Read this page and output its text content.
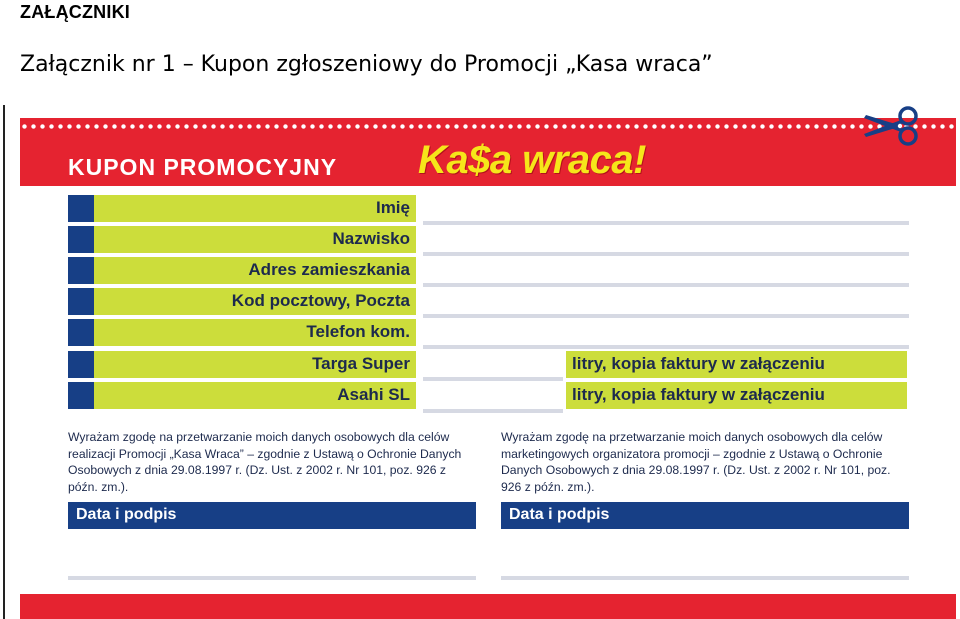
ZAŁĄCZNIKI
Załącznik nr 1 – Kupon zgłoszeniowy do Promocji „Kasa wraca”
KUPON PROMOCYJNY Ka$a wraca!
Imię
Nazwisko
Adres zamieszkania
Kod pocztowy, Poczta
Telefon kom.
Targa Super	litry, kopia faktury w załączeniu
Asahi SL	litry, kopia faktury w załączeniu
Wyrażam zgodę na przetwarzanie moich danych osobowych dla celów realizacji Promocji „Kasa Wraca” – zgodnie z Ustawą o Ochronie Danych Osobowych z dnia 29.08.1997 r. (Dz. Ust. z 2002 r. Nr 101, poz. 926 z późn. zm.).
Wyrażam zgodę na przetwarzanie moich danych osobowych dla celów marketingowych organizatora promocji – zgodnie z Ustawą o Ochronie Danych Osobowych z dnia 29.08.1997 r. (Dz. Ust. z 2002 r. Nr 101, poz. 926 z późn. zm.).
Data i podpis	Data i podpis
